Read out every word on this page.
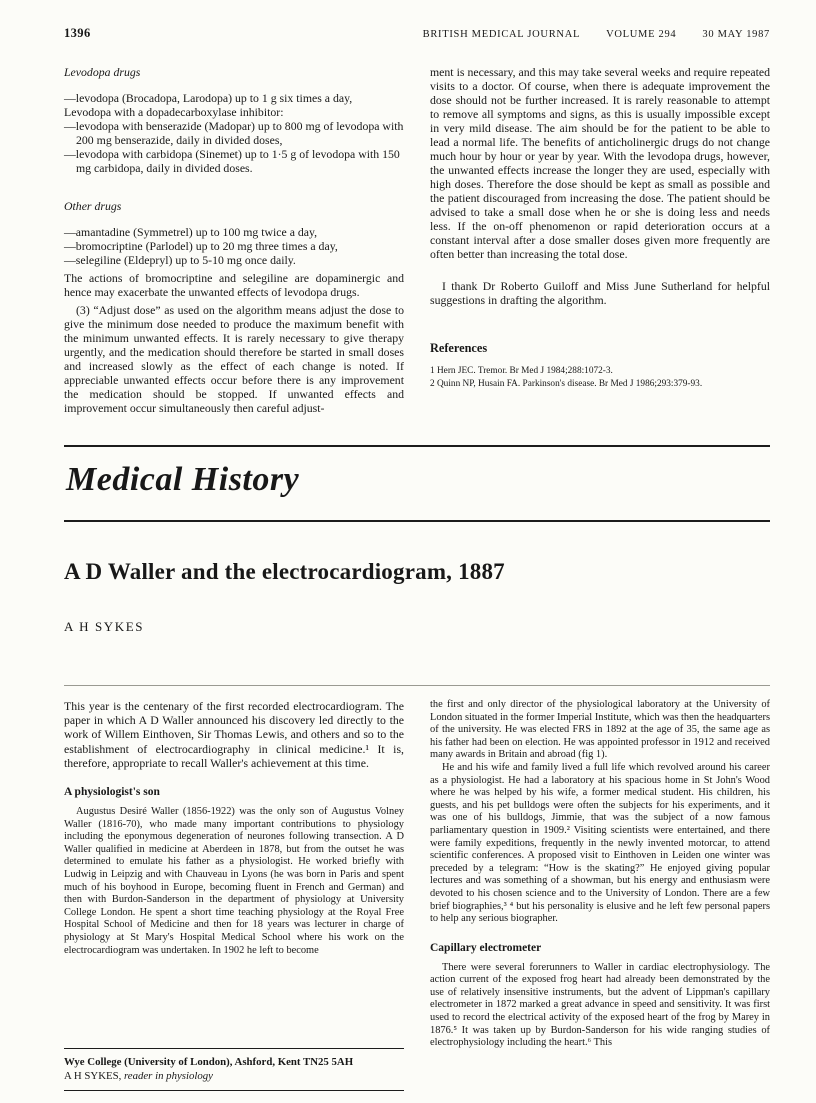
1396	BRITISH MEDICAL JOURNAL VOLUME 294 30 MAY 1987
Levodopa drugs

—levodopa (Brocadopa, Larodopa) up to 1 g six times a day,

Levodopa with a dopadecarboxylase inhibitor:

—levodopa with benserazide (Madopar) up to 800 mg of levodopa with 200 mg benserazide, daily in divided doses,

—levodopa with carbidopa (Sinemet) up to 1·5 g of levodopa with 150 mg carbidopa, daily in divided doses.

Other drugs

—amantadine (Symmetrel) up to 100 mg twice a day,

—bromocriptine (Parlodel) up to 20 mg three times a day,

—selegiline (Eldepryl) up to 5-10 mg once daily.

The actions of bromocriptine and selegiline are dopaminergic and hence may exacerbate the unwanted effects of levodopa drugs.

(3) “Adjust dose” as used on the algorithm means adjust the dose to give the minimum dose needed to produce the maximum benefit with the minimum unwanted effects. It is rarely necessary to give therapy urgently, and the medication should therefore be started in small doses and increased slowly as the effect of each change is noted. If appreciable unwanted effects occur before there is any improvement the medication should be stopped. If unwanted effects and improvement occur simultaneously then careful adjust-

ment is necessary, and this may take several weeks and require repeated visits to a doctor. Of course, when there is adequate improvement the dose should not be further increased. It is rarely reasonable to attempt to remove all symptoms and signs, as this is usually impossible except in very mild disease. The aim should be for the patient to be able to lead a normal life. The benefits of anticholinergic drugs do not change much hour by hour or year by year. With the levodopa drugs, however, the unwanted effects increase the longer they are used, especially with high doses. Therefore the dose should be kept as small as possible and the patient discouraged from increasing the dose. The patient should be advised to take a small dose when he or she is doing less and needs less. If the on-off phenomenon or rapid deterioration occurs at a constant interval after a dose smaller doses given more frequently are often better than increasing the total dose.

I thank Dr Roberto Guiloff and Miss June Sutherland for helpful suggestions in drafting the algorithm.

References

1 Hern JEC. Tremor. Br Med J 1984;288:1072-3.

2 Quinn NP, Husain FA. Parkinson's disease. Br Med J 1986;293:379-93.

Medical History
A D Waller and the electrocardiogram, 1887
A H SYKES

This year is the centenary of the first recorded electrocardiogram. The paper in which A D Waller announced his discovery led directly to the work of Willem Einthoven, Sir Thomas Lewis, and others and so to the establishment of electrocardiography in clinical medicine.¹ It is, therefore, appropriate to recall Waller's achievement at this time.

A physiologist's son

Augustus Desiré Waller (1856-1922) was the only son of Augustus Volney Waller (1816-70), who made many important contributions to physiology including the eponymous degeneration of neurones following transection. A D Waller qualified in medicine at Aberdeen in 1878, but from the outset he was determined to emulate his father as a physiologist. He worked briefly with Ludwig in Leipzig and with Chauveau in Lyons (he was born in Paris and spent much of his boyhood in Europe, becoming fluent in French and German) and then with Burdon-Sanderson in the department of physiology at University College London. He spent a short time teaching physiology at the Royal Free Hospital School of Medicine and then for 18 years was lecturer in charge of physiology at St Mary's Hospital Medical School where his work on the electrocardiogram was undertaken. In 1902 he left to become

Wye College (University of London), Ashford, Kent TN25 5AH

A H SYKES, reader in physiology

the first and only director of the physiological laboratory at the University of London situated in the former Imperial Institute, which was then the headquarters of the university. He was elected FRS in 1892 at the age of 35, the same age as his father had been on election. He was appointed professor in 1912 and received many awards in Britain and abroad (fig 1).

He and his wife and family lived a full life which revolved around his career as a physiologist. He had a laboratory at his spacious home in St John's Wood where he was helped by his wife, a former medical student. His children, his guests, and his pet bulldogs were often the subjects for his experiments, and it was one of his bulldogs, Jimmie, that was the subject of a now famous parliamentary question in 1909.² Visiting scientists were entertained, and there were family expeditions, frequently in the newly invented motorcar, to attend scientific conferences. A proposed visit to Einthoven in Leiden one winter was preceded by a telegram: “How is the skating?” He enjoyed giving popular lectures and was something of a showman, but his energy and enthusiasm were devoted to his chosen science and to the University of London. There are a few brief biographies,³ ⁴ but his personality is elusive and he left few personal papers to help any serious biographer.

Capillary electrometer

There were several forerunners to Waller in cardiac electrophysiology. The action current of the exposed frog heart had already been demonstrated by the use of relatively insensitive instruments, but the advent of Lippman's capillary electrometer in 1872 marked a great advance in speed and sensitivity. It was first used to record the electrical activity of the exposed heart of the frog by Marey in 1876.⁵ It was taken up by Burdon-Sanderson for his wide ranging studies of electrophysiology including the heart.⁶ This
